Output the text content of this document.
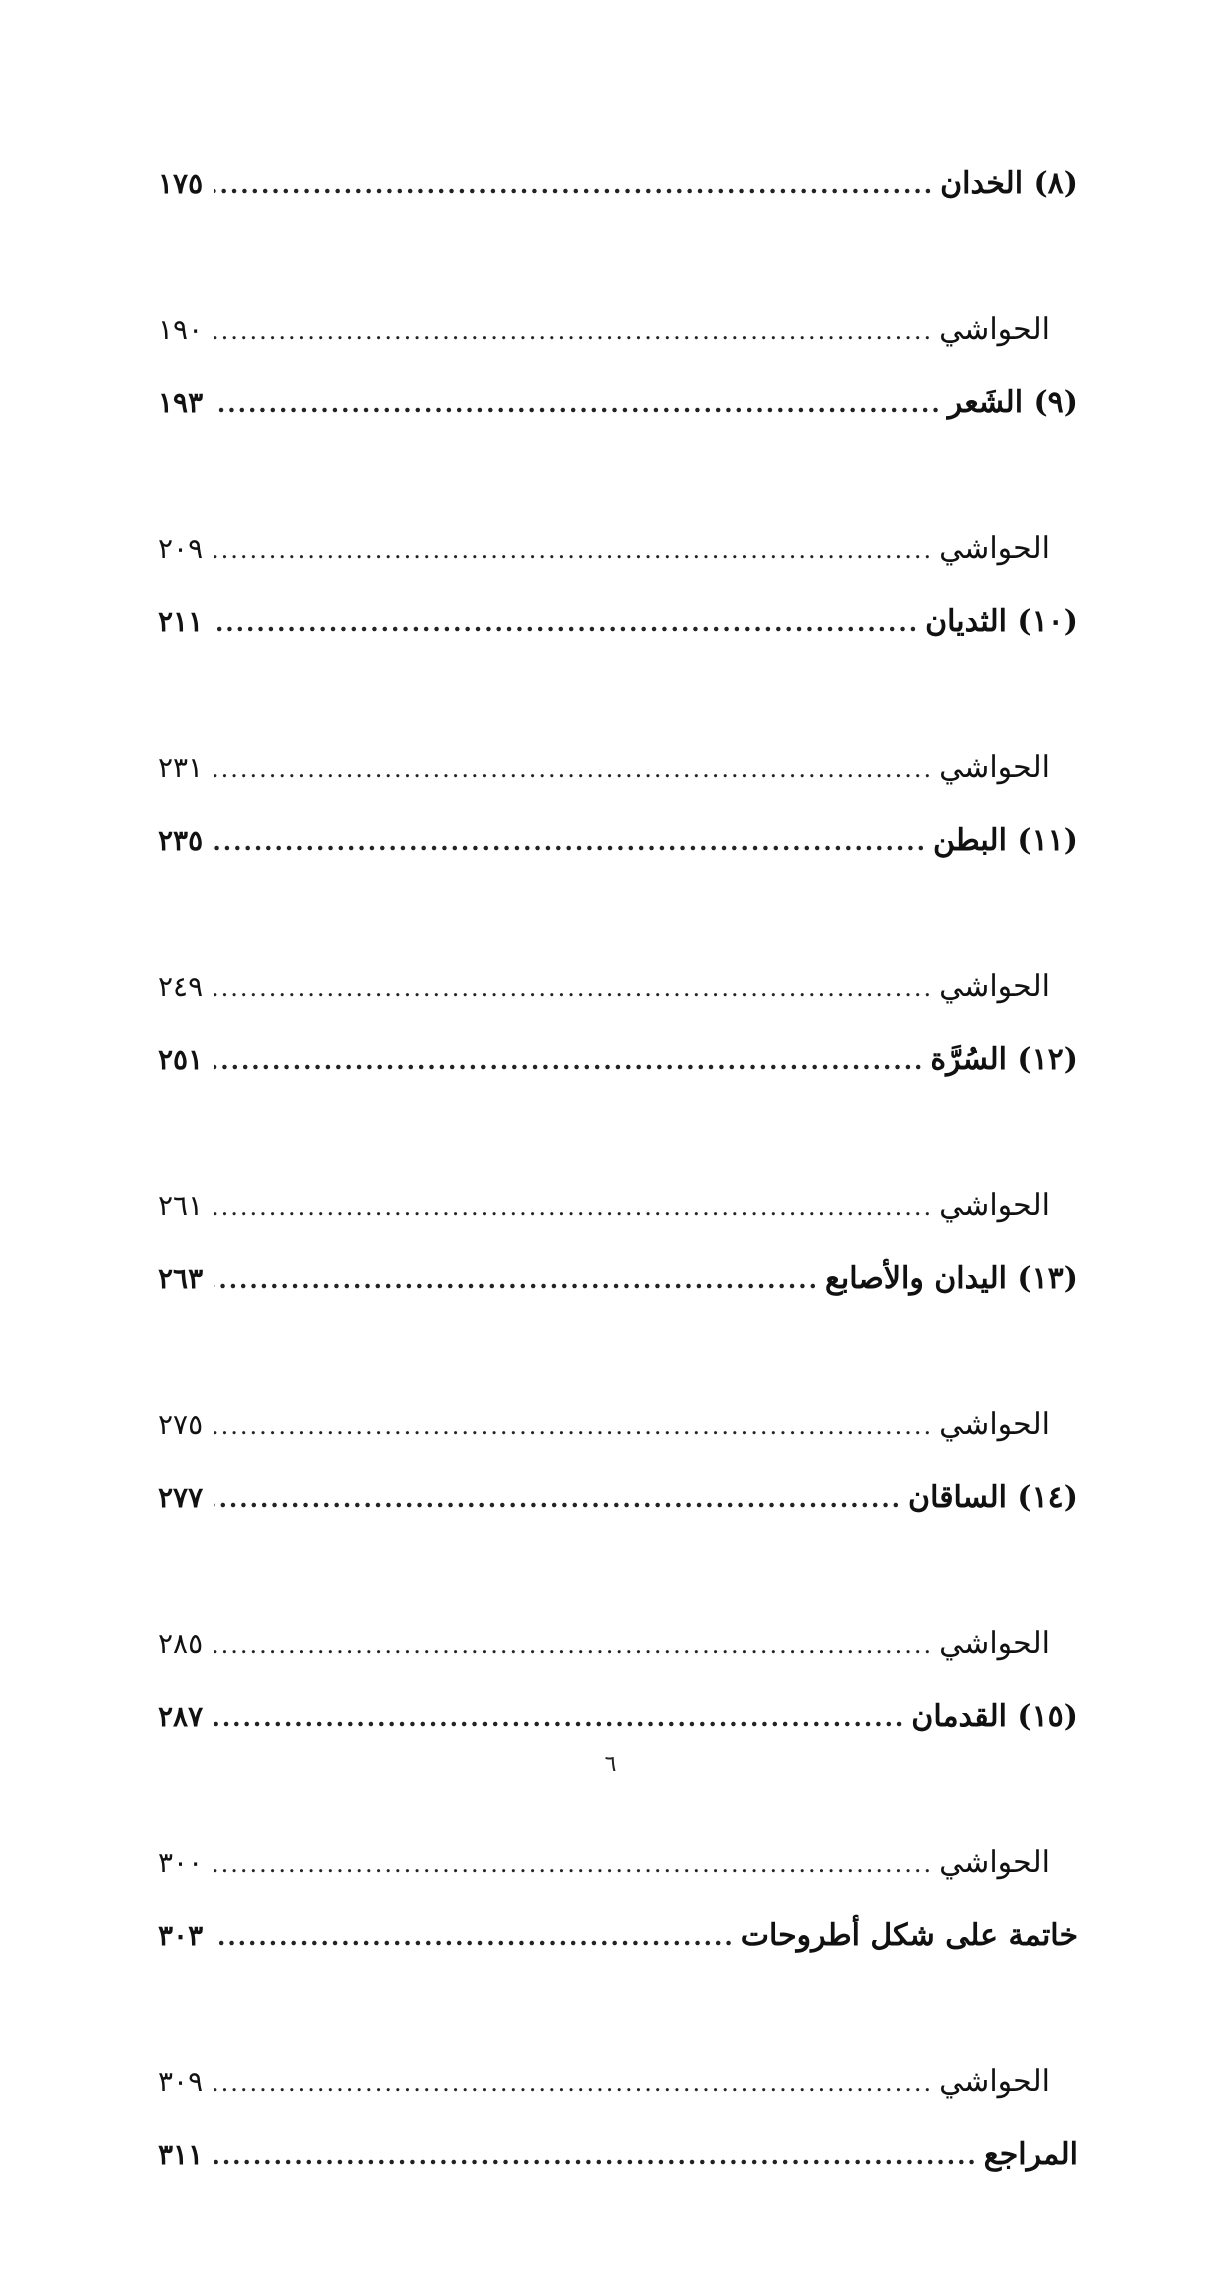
(٨) الخدان
.....
١٧٥
الحواشي
.....
١٩٠
(٩) الشَعر
.....
١٩٣
الحواشي
.....
٢٠٩
(١٠) الثديان
.....
٢١١
الحواشي
.....
٢٣١
(١١) البطن
.....
٢٣٥
الحواشي
.....
٢٤٩
(١٢) السُرَّة
.....
٢٥١
الحواشي
.....
٢٦١
(١٣) اليدان والأصابع
.....
٢٦٣
الحواشي
.....
٢٧٥
(١٤) الساقان
.....
٢٧٧
الحواشي
.....
٢٨٥
(١٥) القدمان
.....
٢٨٧
الحواشي
.....
٣٠٠
خاتمة على شكل أطروحات
.....
٣٠٣
الحواشي
.....
٣٠٩
المراجع
.....
٣١١
٦
